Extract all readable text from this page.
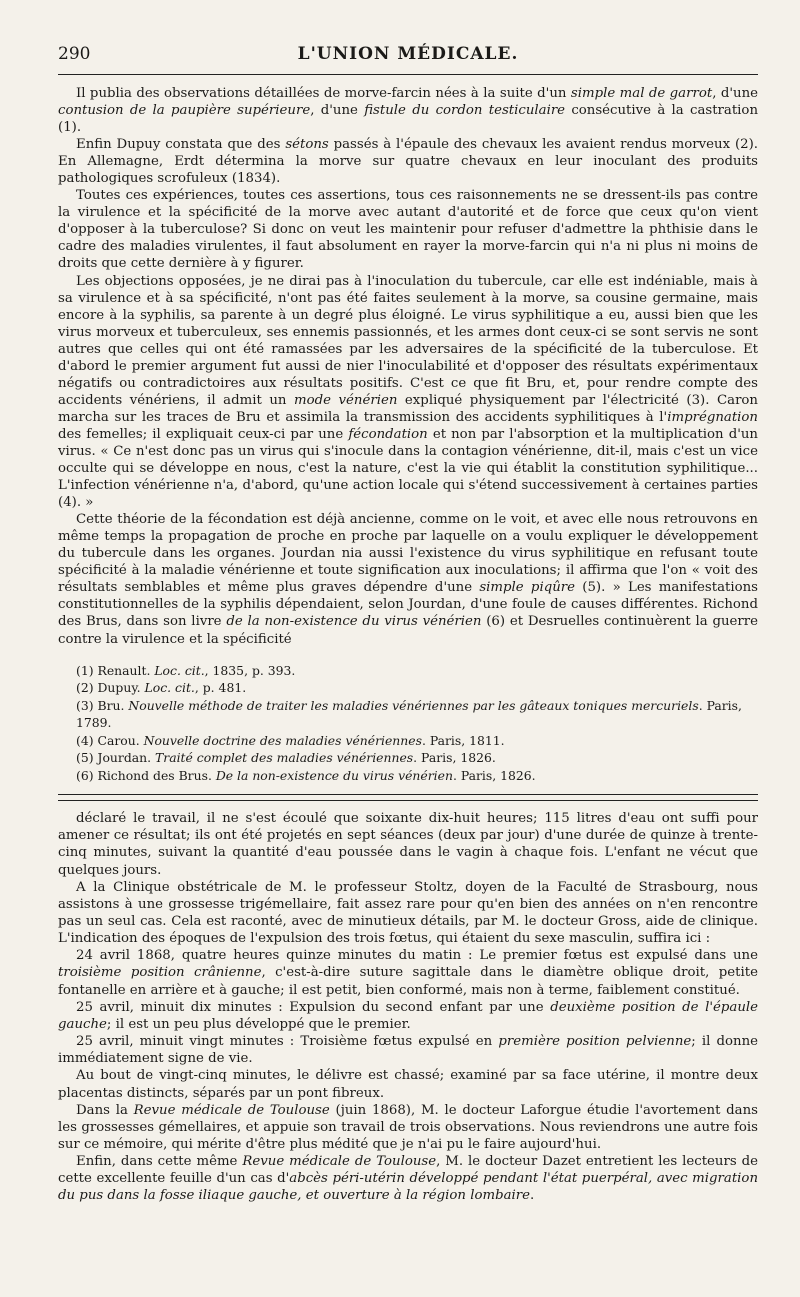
290	L'UNION MÉDICALE.

Il publia des observations détaillées de morve-farcin nées à la suite d'un simple mal de garrot, d'une contusion de la paupière supérieure, d'une fistule du cordon testiculaire consécutive à la castration (1).

Enfin Dupuy constata que des sétons passés à l'épaule des chevaux les avaient rendus morveux (2). En Allemagne, Erdt détermina la morve sur quatre chevaux en leur inoculant des produits pathologiques scrofuleux (1834).

Toutes ces expériences, toutes ces assertions, tous ces raisonnements ne se dressent-ils pas contre la virulence et la spécificité de la morve avec autant d'autorité et de force que ceux qu'on vient d'opposer à la tuberculose? Si donc on veut les maintenir pour refuser d'admettre la phthisie dans le cadre des maladies virulentes, il faut absolument en rayer la morve-farcin qui n'a ni plus ni moins de droits que cette dernière à y figurer.

Les objections opposées, je ne dirai pas à l'inoculation du tubercule, car elle est indéniable, mais à sa virulence et à sa spécificité, n'ont pas été faites seulement à la morve, sa cousine germaine, mais encore à la syphilis, sa parente à un degré plus éloigné. Le virus syphilitique a eu, aussi bien que les virus morveux et tuberculeux, ses ennemis passionnés, et les armes dont ceux-ci se sont servis ne sont autres que celles qui ont été ramassées par les adversaires de la spécificité de la tuberculose. Et d'abord le premier argument fut aussi de nier l'inoculabilité et d'opposer des résultats expérimentaux négatifs ou contradictoires aux résultats positifs. C'est ce que fit Bru, et, pour rendre compte des accidents vénériens, il admit un mode vénérien expliqué physiquement par l'électricité (3). Caron marcha sur les traces de Bru et assimila la transmission des accidents syphilitiques à l'imprégnation des femelles; il expliquait ceux-ci par une fécondation et non par l'absorption et la multiplication d'un virus. « Ce n'est donc pas un virus qui s'inocule dans la contagion vénérienne, dit-il, mais c'est un vice occulte qui se développe en nous, c'est la nature, c'est la vie qui établit la constitution syphilitique... L'infection vénérienne n'a, d'abord, qu'une action locale qui s'étend successivement à certaines parties (4). »

Cette théorie de la fécondation est déjà ancienne, comme on le voit, et avec elle nous retrouvons en même temps la propagation de proche en proche par laquelle on a voulu expliquer le développement du tubercule dans les organes. Jourdan nia aussi l'existence du virus syphilitique en refusant toute spécificité à la maladie vénérienne et toute signification aux inoculations; il affirma que l'on « voit des résultats semblables et même plus graves dépendre d'une simple piqûre (5). » Les manifestations constitutionnelles de la syphilis dépendaient, selon Jourdan, d'une foule de causes différentes. Richond des Brus, dans son livre de la non-existence du virus vénérien (6) et Desruelles continuèrent la guerre contre la virulence et la spécificité

(1) Renault. Loc. cit., 1835, p. 393.

(2) Dupuy. Loc. cit., p. 481.

(3) Bru. Nouvelle méthode de traiter les maladies vénériennes par les gâteaux toniques mercuriels. Paris, 1789.

(4) Carou. Nouvelle doctrine des maladies vénériennes. Paris, 1811.

(5) Jourdan. Traité complet des maladies vénériennes. Paris, 1826.

(6) Richond des Brus. De la non-existence du virus vénérien. Paris, 1826.

déclaré le travail, il ne s'est écoulé que soixante dix-huit heures; 115 litres d'eau ont suffi pour amener ce résultat; ils ont été projetés en sept séances (deux par jour) d'une durée de quinze à trente-cinq minutes, suivant la quantité d'eau poussée dans le vagin à chaque fois. L'enfant ne vécut que quelques jours.

A la Clinique obstétricale de M. le professeur Stoltz, doyen de la Faculté de Strasbourg, nous assistons à une grossesse trigémellaire, fait assez rare pour qu'en bien des années on n'en rencontre pas un seul cas. Cela est raconté, avec de minutieux détails, par M. le docteur Gross, aide de clinique. L'indication des époques de l'expulsion des trois fœtus, qui étaient du sexe masculin, suffira ici :

24 avril 1868, quatre heures quinze minutes du matin : Le premier fœtus est expulsé dans une troisième position crânienne, c'est-à-dire suture sagittale dans le diamètre oblique droit, petite fontanelle en arrière et à gauche; il est petit, bien conformé, mais non à terme, faiblement constitué.

25 avril, minuit dix minutes : Expulsion du second enfant par une deuxième position de l'épaule gauche; il est un peu plus développé que le premier.

25 avril, minuit vingt minutes : Troisième fœtus expulsé en première position pelvienne; il donne immédiatement signe de vie.

Au bout de vingt-cinq minutes, le délivre est chassé; examiné par sa face utérine, il montre deux placentas distincts, séparés par un pont fibreux.

Dans la Revue médicale de Toulouse (juin 1868), M. le docteur Laforgue étudie l'avortement dans les grossesses gémellaires, et appuie son travail de trois observations. Nous reviendrons une autre fois sur ce mémoire, qui mérite d'être plus médité que je n'ai pu le faire aujourd'hui.

Enfin, dans cette même Revue médicale de Toulouse, M. le docteur Dazet entretient les lecteurs de cette excellente feuille d'un cas d'abcès péri-utérin développé pendant l'état puerpéral, avec migration du pus dans la fosse iliaque gauche, et ouverture à la région lombaire.
